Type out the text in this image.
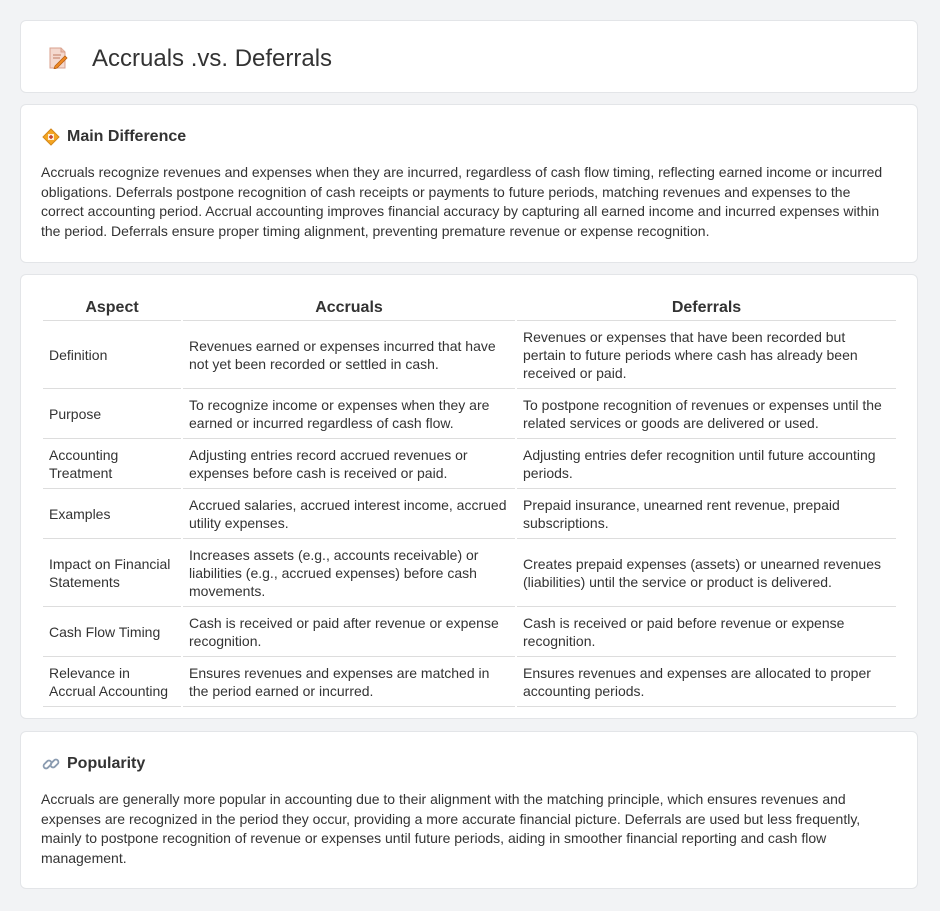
Accruals .vs. Deferrals
Main Difference

Accruals recognize revenues and expenses when they are incurred, regardless of cash flow timing, reflecting earned income or incurred obligations. Deferrals postpone recognition of cash receipts or payments to future periods, matching revenues and expenses to the correct accounting period. Accrual accounting improves financial accuracy by capturing all earned income and incurred expenses within the period. Deferrals ensure proper timing alignment, preventing premature revenue or expense recognition.

Aspect	Accruals	Deferrals
Definition	Revenues earned or expenses incurred that have not yet been recorded or settled in cash.	Revenues or expenses that have been recorded but pertain to future periods where cash has already been received or paid.
Purpose	To recognize income or expenses when they are earned or incurred regardless of cash flow.	To postpone recognition of revenues or expenses until the related services or goods are delivered or used.
Accounting Treatment	Adjusting entries record accrued revenues or expenses before cash is received or paid.	Adjusting entries defer recognition until future accounting periods.
Examples	Accrued salaries, accrued interest income, accrued utility expenses.	Prepaid insurance, unearned rent revenue, prepaid subscriptions.
Impact on Financial Statements	Increases assets (e.g., accounts receivable) or liabilities (e.g., accrued expenses) before cash movements.	Creates prepaid expenses (assets) or unearned revenues (liabilities) until the service or product is delivered.
Cash Flow Timing	Cash is received or paid after revenue or expense recognition.	Cash is received or paid before revenue or expense recognition.
Relevance in Accrual Accounting	Ensures revenues and expenses are matched in the period earned or incurred.	Ensures revenues and expenses are allocated to proper accounting periods.
Popularity

Accruals are generally more popular in accounting due to their alignment with the matching principle, which ensures revenues and expenses are recognized in the period they occur, providing a more accurate financial picture. Deferrals are used but less frequently, mainly to postpone recognition of revenue or expenses until future periods, aiding in smoother financial reporting and cash flow management.
